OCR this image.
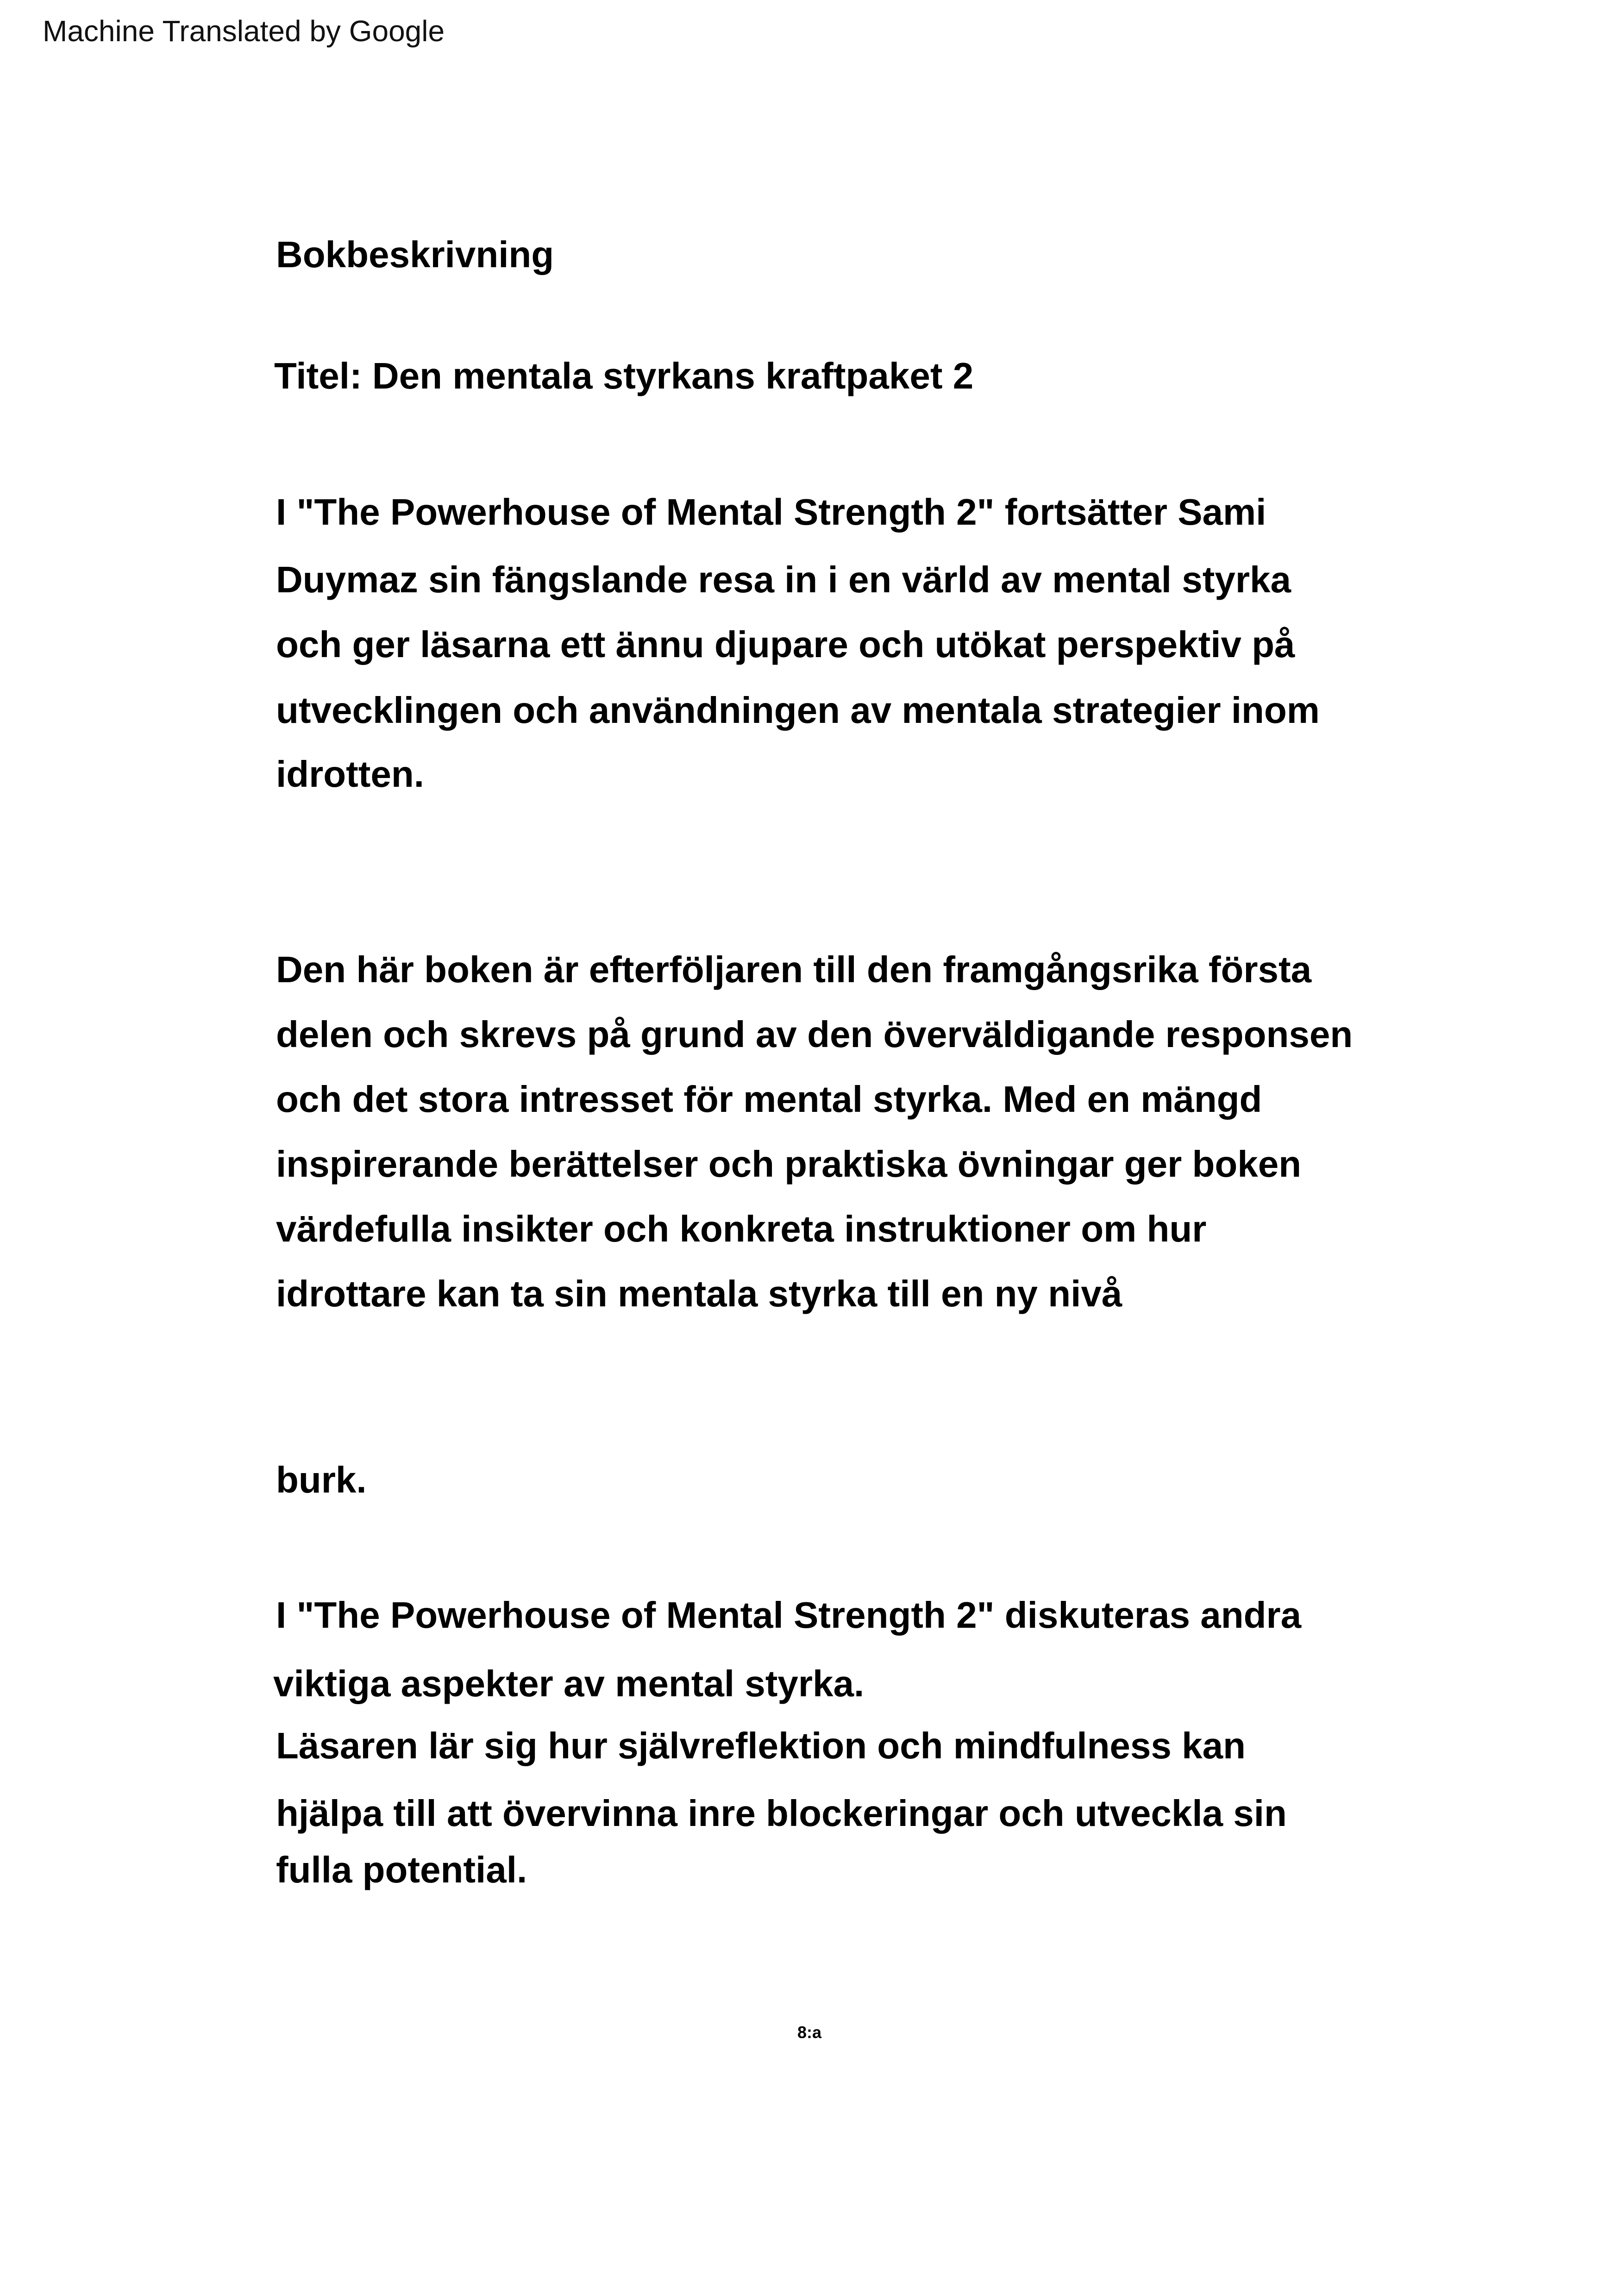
Machine Translated by Google
Bokbeskrivning
Titel: Den mentala styrkans kraftpaket 2
I "The Powerhouse of Mental Strength 2" fortsätter Sami
Duymaz sin fängslande resa in i en värld av mental styrka
och ger läsarna ett ännu djupare och utökat perspektiv på
utvecklingen och användningen av mentala strategier inom
idrotten.
Den här boken är efterföljaren till den framgångsrika första
delen och skrevs på grund av den överväldigande responsen
och det stora intresset för mental styrka. Med en mängd
inspirerande berättelser och praktiska övningar ger boken
värdefulla insikter och konkreta instruktioner om hur
idrottare kan ta sin mentala styrka till en ny nivå
burk.
I "The Powerhouse of Mental Strength 2" diskuteras andra
viktiga aspekter av mental styrka.
Läsaren lär sig hur självreflektion och mindfulness kan
hjälpa till att övervinna inre blockeringar och utveckla sin
fulla potential.
8:a
